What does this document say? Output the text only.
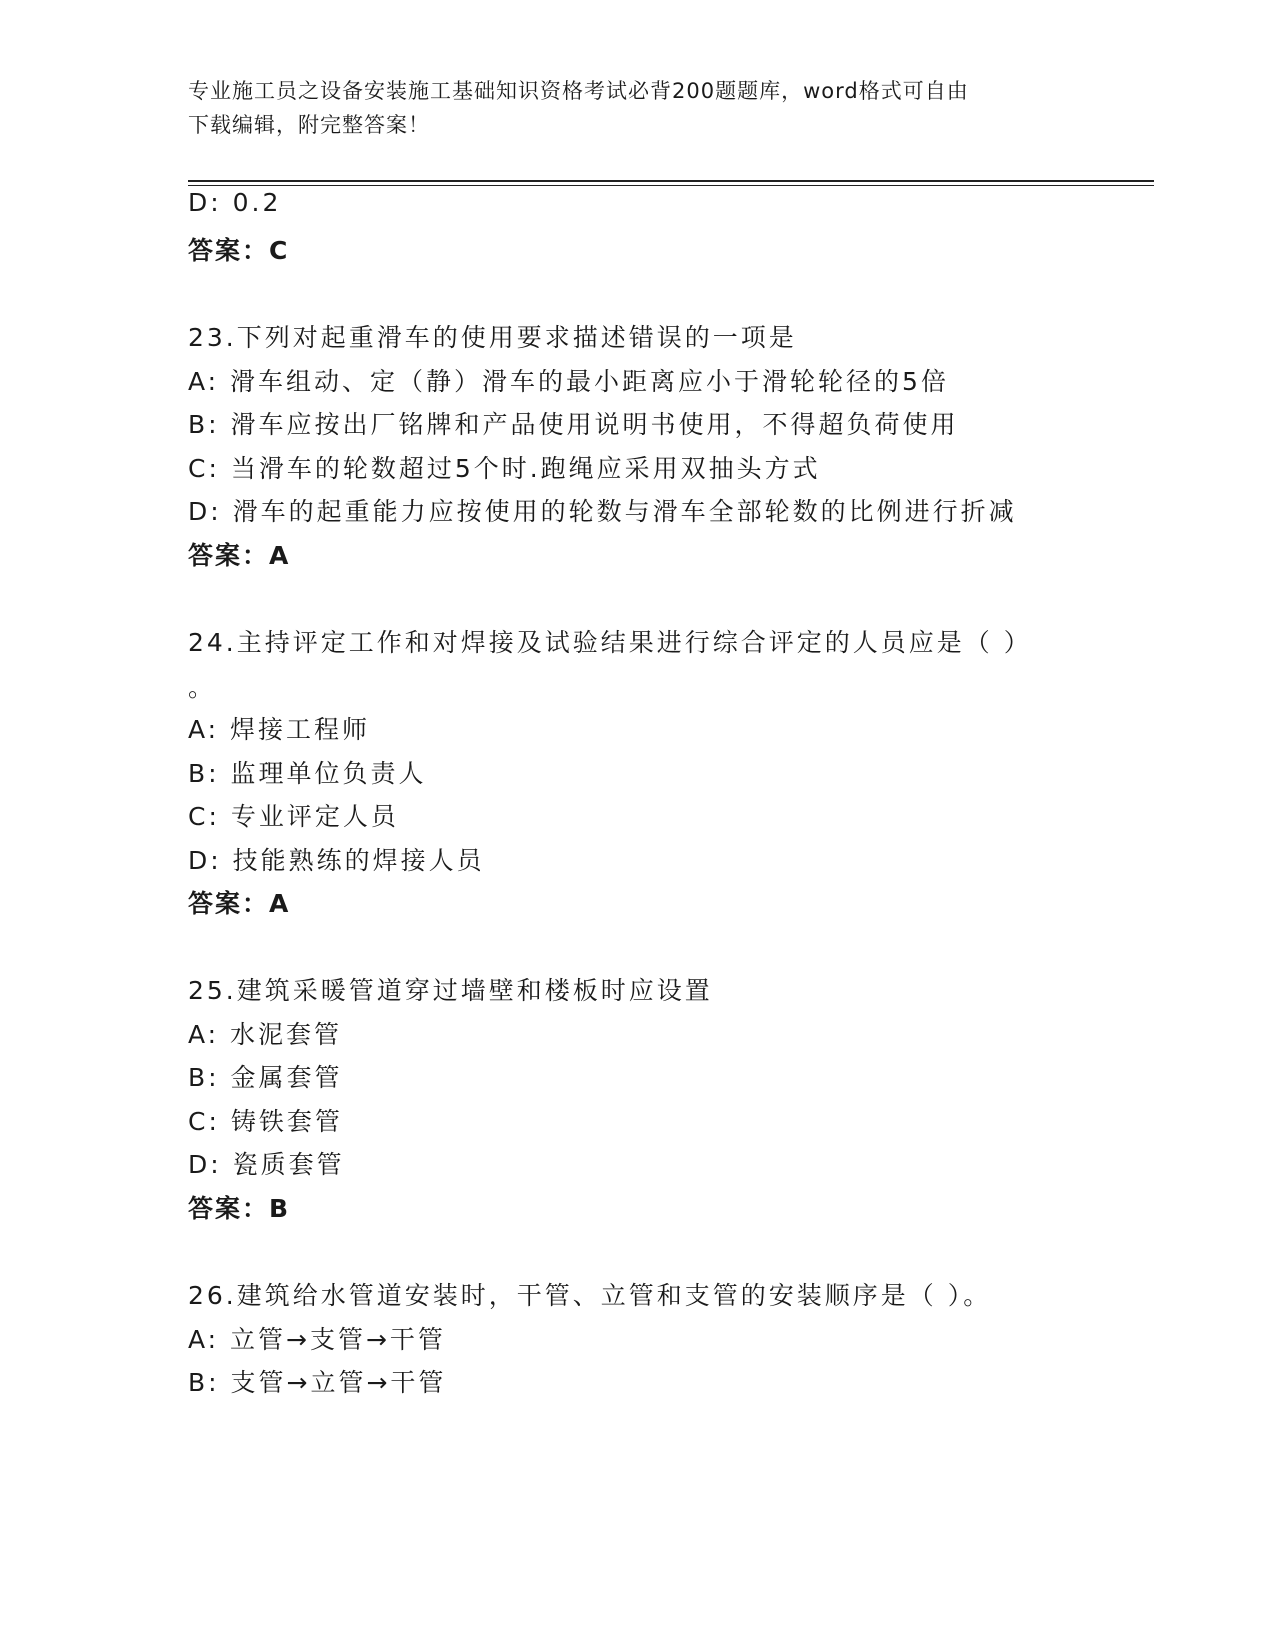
专业施工员之设备安装施工基础知识资格考试必背200题题库，word格式可自由
下载编辑，附完整答案！
D: 0.2
答案：C
23.下列对起重滑车的使用要求描述错误的一项是
A: 滑车组动、定（静）滑车的最小距离应小于滑轮轮径的5倍
B: 滑车应按出厂铭牌和产品使用说明书使用，不得超负荷使用
C: 当滑车的轮数超过5个时.跑绳应采用双抽头方式
D: 滑车的起重能力应按使用的轮数与滑车全部轮数的比例进行折减
答案：A
24.主持评定工作和对焊接及试验结果进行综合评定的人员应是（ ）
。
A: 焊接工程师
B: 监理单位负责人
C: 专业评定人员
D: 技能熟练的焊接人员
答案：A
25.建筑采暖管道穿过墙壁和楼板时应设置
A: 水泥套管
B: 金属套管
C: 铸铁套管
D: 瓷质套管
答案：B
26.建筑给水管道安装时，干管、立管和支管的安装顺序是（ ）。
A: 立管→支管→干管
B: 支管→立管→干管
